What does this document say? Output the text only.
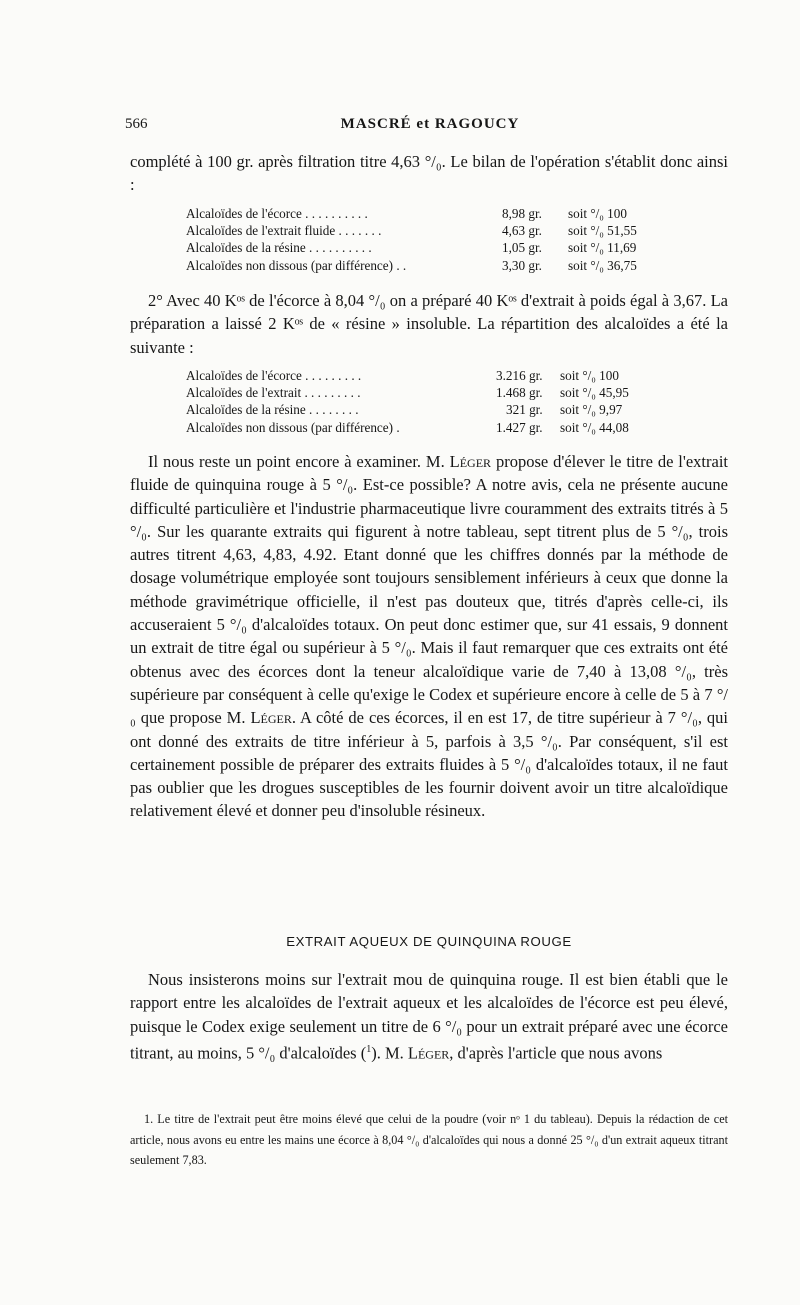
566	MASCRÉ et RAGOUCY
complété à 100 gr. après filtration titre 4,63 °/₀. Le bilan de l'opération s'établit donc ainsi :
Alcaloïdes de l'écorce . . . . . . . . . .	8,98 gr. soit °/₀ 100
Alcaloïdes de l'extrait fluide . . . . . . .	4,63 gr. soit °/₀ 51,55
Alcaloïdes de la résine . . . . . . . . . .	1,05 gr. soit °/₀ 11,69
Alcaloïdes non dissous (par différence) . .	3,30 gr. soit °/₀ 36,75
2° Avec 40 Kᵒˢ de l'écorce à 8,04 °/₀ on a préparé 40 Kᵒˢ d'extrait à poids égal à 3,67. La préparation a laissé 2 Kᵒˢ de « résine » insoluble. La répartition des alcaloïdes a été la suivante :
Alcaloïdes de l'écorce . . . . . . . . .	3.216 gr. soit °/₀ 100
Alcaloïdes de l'extrait . . . . . . . . .	1.468 gr. soit °/₀ 45,95
Alcaloïdes de la résine . . . . . . . .	321 gr. soit °/₀ 9,97
Alcaloïdes non dissous (par différence) .	1.427 gr. soit °/₀ 44,08
Il nous reste un point encore à examiner. M. Léger propose d'élever le titre de l'extrait fluide de quinquina rouge à 5 °/₀. Est-ce possible? A notre avis, cela ne présente aucune difficulté particulière et l'industrie pharmaceutique livre couramment des extraits titrés à 5 °/₀. Sur les quarante extraits qui figurent à notre tableau, sept titrent plus de 5 °/₀, trois autres titrent 4,63, 4,83, 4.92. Etant donné que les chiffres donnés par la méthode de dosage volumétrique employée sont toujours sensiblement inférieurs à ceux que donne la méthode gravimétrique officielle, il n'est pas douteux que, titrés d'après celle-ci, ils accuseraient 5 °/₀ d'alcaloïdes totaux. On peut donc estimer que, sur 41 essais, 9 donnent un extrait de titre égal ou supérieur à 5 °/₀. Mais il faut remarquer que ces extraits ont été obtenus avec des écorces dont la teneur alcaloïdique varie de 7,40 à 13,08 °/₀, très supérieure par conséquent à celle qu'exige le Codex et supérieure encore à celle de 5 à 7 °/₀ que propose M. Léger. A côté de ces écorces, il en est 17, de titre supérieur à 7 °/₀, qui ont donné des extraits de titre inférieur à 5, parfois à 3,5 °/₀. Par conséquent, s'il est certainement possible de préparer des extraits fluides à 5 °/₀ d'alcaloïdes totaux, il ne faut pas oublier que les drogues susceptibles de les fournir doivent avoir un titre alcaloïdique relativement élevé et donner peu d'insoluble résineux.
EXTRAIT AQUEUX DE QUINQUINA ROUGE
Nous insisterons moins sur l'extrait mou de quinquina rouge. Il est bien établi que le rapport entre les alcaloïdes de l'extrait aqueux et les alcaloïdes de l'écorce est peu élevé, puisque le Codex exige seulement un titre de 6 °/₀ pour un extrait préparé avec une écorce titrant, au moins, 5 °/₀ d'alcaloïdes ($^1$). M. Léger, d'après l'article que nous avons
1. Le titre de l'extrait peut être moins élevé que celui de la poudre (voir nᵒ 1 du tableau). Depuis la rédaction de cet article, nous avons eu entre les mains une écorce à 8,04 °/₀ d'alcaloïdes qui nous a donné 25 °/₀ d'un extrait aqueux titrant seulement 7,83.
